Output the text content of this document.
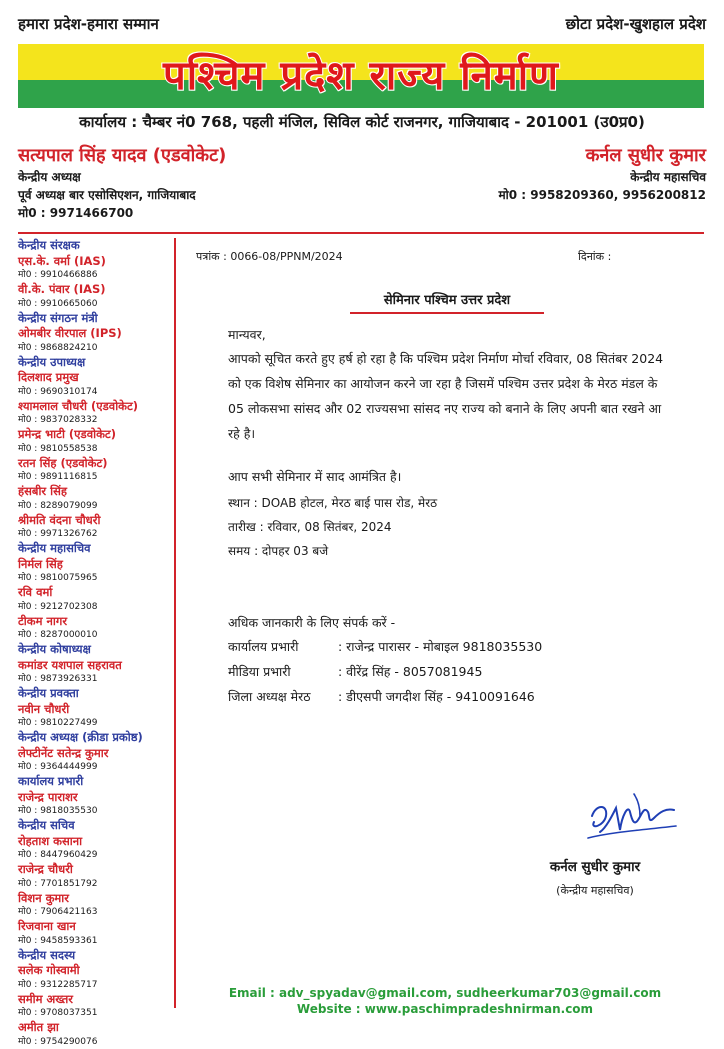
हमारा प्रदेश-हमारा सम्मान	छोटा प्रदेश-खुशहाल प्रदेश
पश्चिम प्रदेश राज्य निर्माण
कार्यालय : चैम्बर नं0 768, पहली मंजिल, सिविल कोर्ट राजनगर, गाजियाबाद - 201001 (उ0प्र0)
सत्यपाल सिंह यादव (एडवोकेट)
केन्द्रीय अध्यक्ष
पूर्व अध्यक्ष बार एसोसिएशन, गाजियाबाद
मो0 : 9971466700
कर्नल सुधीर कुमार
केन्द्रीय महासचिव
मो0 : 9958209360, 9956200812
केन्द्रीय संरक्षक
एस.के. वर्मा (IAS)
मो0 : 9910466886
वी.के. पंवार (IAS)
मो0 : 9910665060
केन्द्रीय संगठन मंत्री
ओमबीर वीरपाल (IPS)
मो0 : 9868824210
केन्द्रीय उपाध्यक्ष
दिलशाद प्रमुख
मो0 : 9690310174
श्यामलाल चौधरी (एडवोकेट)
मो0 : 9837028332
प्रमेन्द्र भाटी (एडवोकेट)
मो0 : 9810558538
रतन सिंह (एडवोकेट)
मो0 : 9891116815
हंसबीर सिंह
मो0 : 8289079099
श्रीमति वंदना चौधरी
मो0 : 9971326762
केन्द्रीय महासचिव
निर्मल सिंह
मो0 : 9810075965
रवि वर्मा
मो0 : 9212702308
टीकम नागर
मो0 : 8287000010
केन्द्रीय कोषाध्यक्ष
कमांडर यशपाल सहरावत
मो0 : 9873926331
केन्द्रीय प्रवक्ता
नवीन चौधरी
मो0 : 9810227499
केन्द्रीय अध्यक्ष (क्रीडा प्रकोष्ठ)
लेफ्टीनेंट सतेन्द्र कुमार
मो0 : 9364444999
कार्यालय प्रभारी
राजेन्द्र पाराशर
मो0 : 9818035530
केन्द्रीय सचिव
रोहताश कसाना
मो0 : 8447960429
राजेन्द्र चौधरी
मो0 : 7701851792
विशन कुमार
मो0 : 7906421163
रिजवाना खान
मो0 : 9458593361
केन्द्रीय सदस्य
सलेक गोस्वामी
मो0 : 9312285717
समीम अख्तर
मो0 : 9708037351
अमीत झा
मो0 : 9754290076
पत्रांक : 0066-08/PPNM/2024	दिनांक :
सेमिनार पश्चिम उत्तर प्रदेश
मान्यवर,
आपको सूचित करते हुए हर्ष हो रहा है कि पश्चिम प्रदेश निर्माण मोर्चा रविवार, 08 सितंबर 2024 को एक विशेष सेमिनार का आयोजन करने जा रहा है जिसमें पश्चिम उत्तर प्रदेश के मेरठ मंडल के 05 लोकसभा सांसद और 02 राज्यसभा सांसद नए राज्य को बनाने के लिए अपनी बात रखने आ रहे है।
आप सभी सेमिनार में साद आमंत्रित है।
स्थान : DOAB होटल, मेरठ बाई पास रोड, मेरठ
तारीख : रविवार, 08 सितंबर, 2024
समय : दोपहर 03 बजे
अधिक जानकारी के लिए संपर्क करें -
कार्यालय प्रभारी	: राजेन्द्र पारासर - मोबाइल 9818035530
मीडिया प्रभारी	: वीरेंद्र सिंह - 8057081945
जिला अध्यक्ष मेरठ : डीएसपी जगदीश सिंह - 9410091646
कर्नल सुधीर कुमार
(केन्द्रीय महासचिव)
Email : adv_spyadav@gmail.com, sudheerkumar703@gmail.com
Website : www.paschimpradeshnirman.com
